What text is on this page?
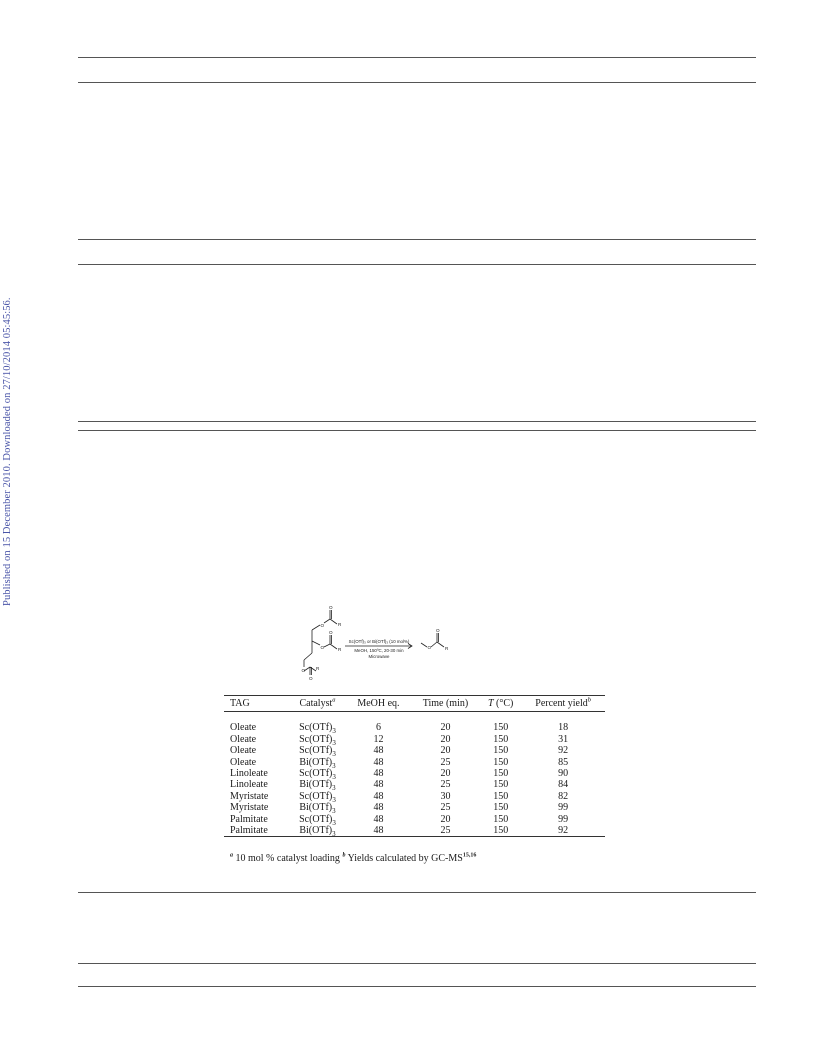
Published on 15 December 2010. Downloaded on 27/10/2014 05:45:56.
O
O
R
O
O
R
O
O
R
O
O
R
Sc(OTf)₃ or Bi(OTf)₃ (10 mol%)
MeOH, 150ºC, 20-30 min
Microwave
TAG	Catalyst$^a$	MeOH eq.	Time (min)	T (°C)	Percent yield$^b$

Oleate	$Sc(OTf)_3$	6	20	150	18
Oleate	$Sc(OTf)_3$	12	20	150	31
Oleate	$Sc(OTf)_3$	48	20	150	92
Oleate	$Bi(OTf)_3$	48	25	150	85
Linoleate	$Sc(OTf)_3$	48	20	150	90
Linoleate	$Bi(OTf)_3$	48	25	150	84
Myristate	$Sc(OTf)_3$	48	30	150	82
Myristate	$Bi(OTf)_3$	48	25	150	99
Palmitate	$Sc(OTf)_3$	48	20	150	99
Palmitate	$Bi(OTf)_3$	48	25	150	92
$^a$ 10 mol % catalyst loading $^b$ Yields calculated by GC-MS$^{15,16}$
